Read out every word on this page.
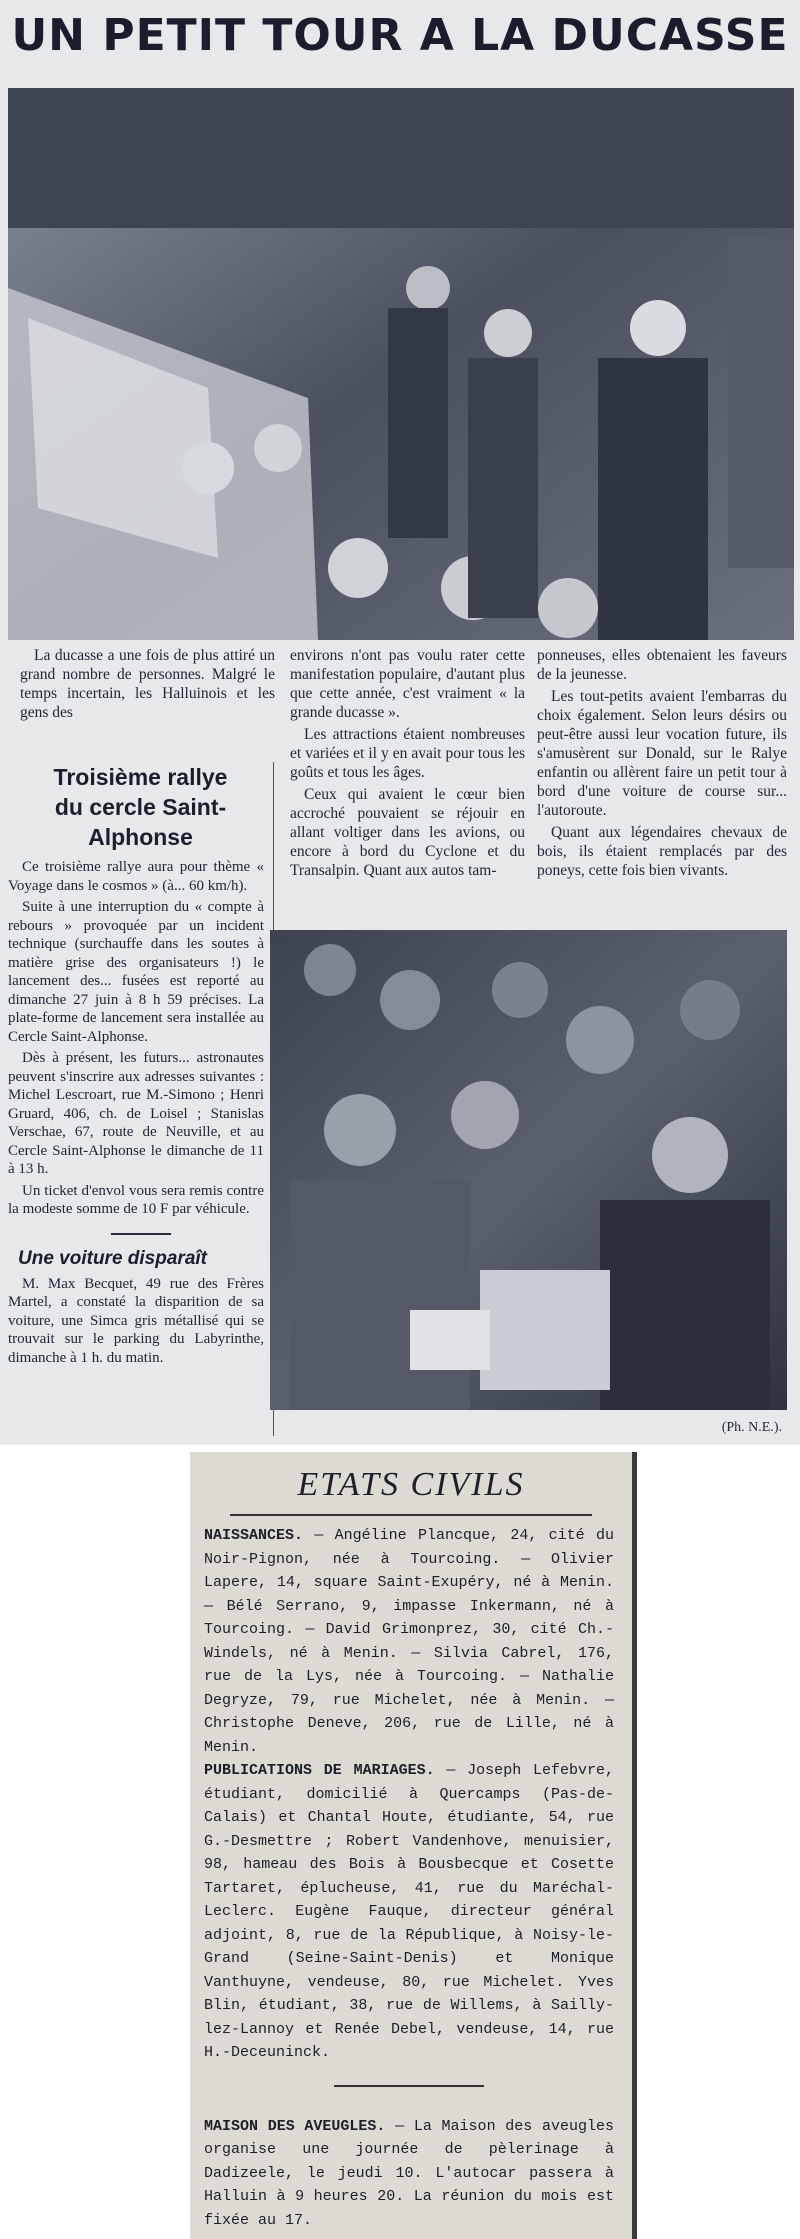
UN PETIT TOUR A LA DUCASSE

La ducasse a une fois de plus attiré un grand nombre de personnes. Malgré le temps incertain, les Halluinois et les gens des

environs n'ont pas voulu rater cette manifestation populaire, d'autant plus que cette année, c'est vraiment « la grande ducasse ».

Les attractions étaient nombreuses et variées et il y en avait pour tous les goûts et tous les âges.

Ceux qui avaient le cœur bien accroché pouvaient se réjouir en allant voltiger dans les avions, ou encore à bord du Cyclone et du Transalpin. Quant aux autos tam-

ponneuses, elles obtenaient les faveurs de la jeunesse.

Les tout-petits avaient l'embarras du choix également. Selon leurs désirs ou peut-être aussi leur vocation future, ils s'amusèrent sur Donald, sur le Ralye enfantin ou allèrent faire un petit tour à bord d'une voiture de course sur... l'autoroute.

Quant aux légendaires chevaux de bois, ils étaient remplacés par des poneys, cette fois bien vivants.

Troisième rallye
du cercle Saint-Alphonse

Ce troisième rallye aura pour thème « Voyage dans le cosmos » (à... 60 km/h).

Suite à une interruption du « compte à rebours » provoquée par un incident technique (surchauffe dans les soutes à matière grise des organisateurs !) le lancement des... fusées est reporté au dimanche 27 juin à 8 h 59 précises. La plate-forme de lancement sera installée au Cercle Saint-Alphonse.

Dès à présent, les futurs... astronautes peuvent s'inscrire aux adresses suivantes : Michel Lescroart, rue M.-Simono ; Henri Gruard, 406, ch. de Loisel ; Stanislas Verschae, 67, route de Neuville, et au Cercle Saint-Alphonse le dimanche de 11 à 13 h.

Un ticket d'envol vous sera remis contre la modeste somme de 10 F par véhicule.

Une voiture disparaît

M. Max Becquet, 49 rue des Frères Martel, a constaté la disparition de sa voiture, une Simca gris métallisé qui se trouvait sur le parking du Labyrinthe, dimanche à 1 h. du matin.

(Ph. N.E.).
ETATS CIVILS

NAISSANCES. — Angéline Plancque, 24, cité du Noir-Pignon, née à Tourcoing. — Olivier Lapere, 14, square Saint-Exupéry, né à Menin. — Bélé Serrano, 9, impasse Inkermann, né à Tourcoing. — David Grimonprez, 30, cité Ch.-Windels, né à Menin. — Silvia Cabrel, 176, rue de la Lys, née à Tourcoing. — Nathalie Degryze, 79, rue Michelet, née à Menin. — Christophe Deneve, 206, rue de Lille, né à Menin.

PUBLICATIONS DE MARIAGES. — Joseph Lefebvre, étudiant, domicilié à Quercamps (Pas-de-Calais) et Chantal Houte, étudiante, 54, rue G.-Desmettre ; Robert Vandenhove, menuisier, 98, hameau des Bois à Bousbecque et Cosette Tartaret, éplucheuse, 41, rue du Maréchal-Leclerc. Eugène Fauque, directeur général adjoint, 8, rue de la République, à Noisy-le-Grand (Seine-Saint-Denis) et Monique Vanthuyne, vendeuse, 80, rue Michelet. Yves Blin, étudiant, 38, rue de Willems, à Sailly-lez-Lannoy et Renée Debel, vendeuse, 14, rue H.-Deceuninck.

MAISON DES AVEUGLES. — La Maison des aveugles organise une journée de pèlerinage à Dadizeele, le jeudi 10. L'autocar passera à Halluin à 9 heures 20. La réunion du mois est fixée au 17.
